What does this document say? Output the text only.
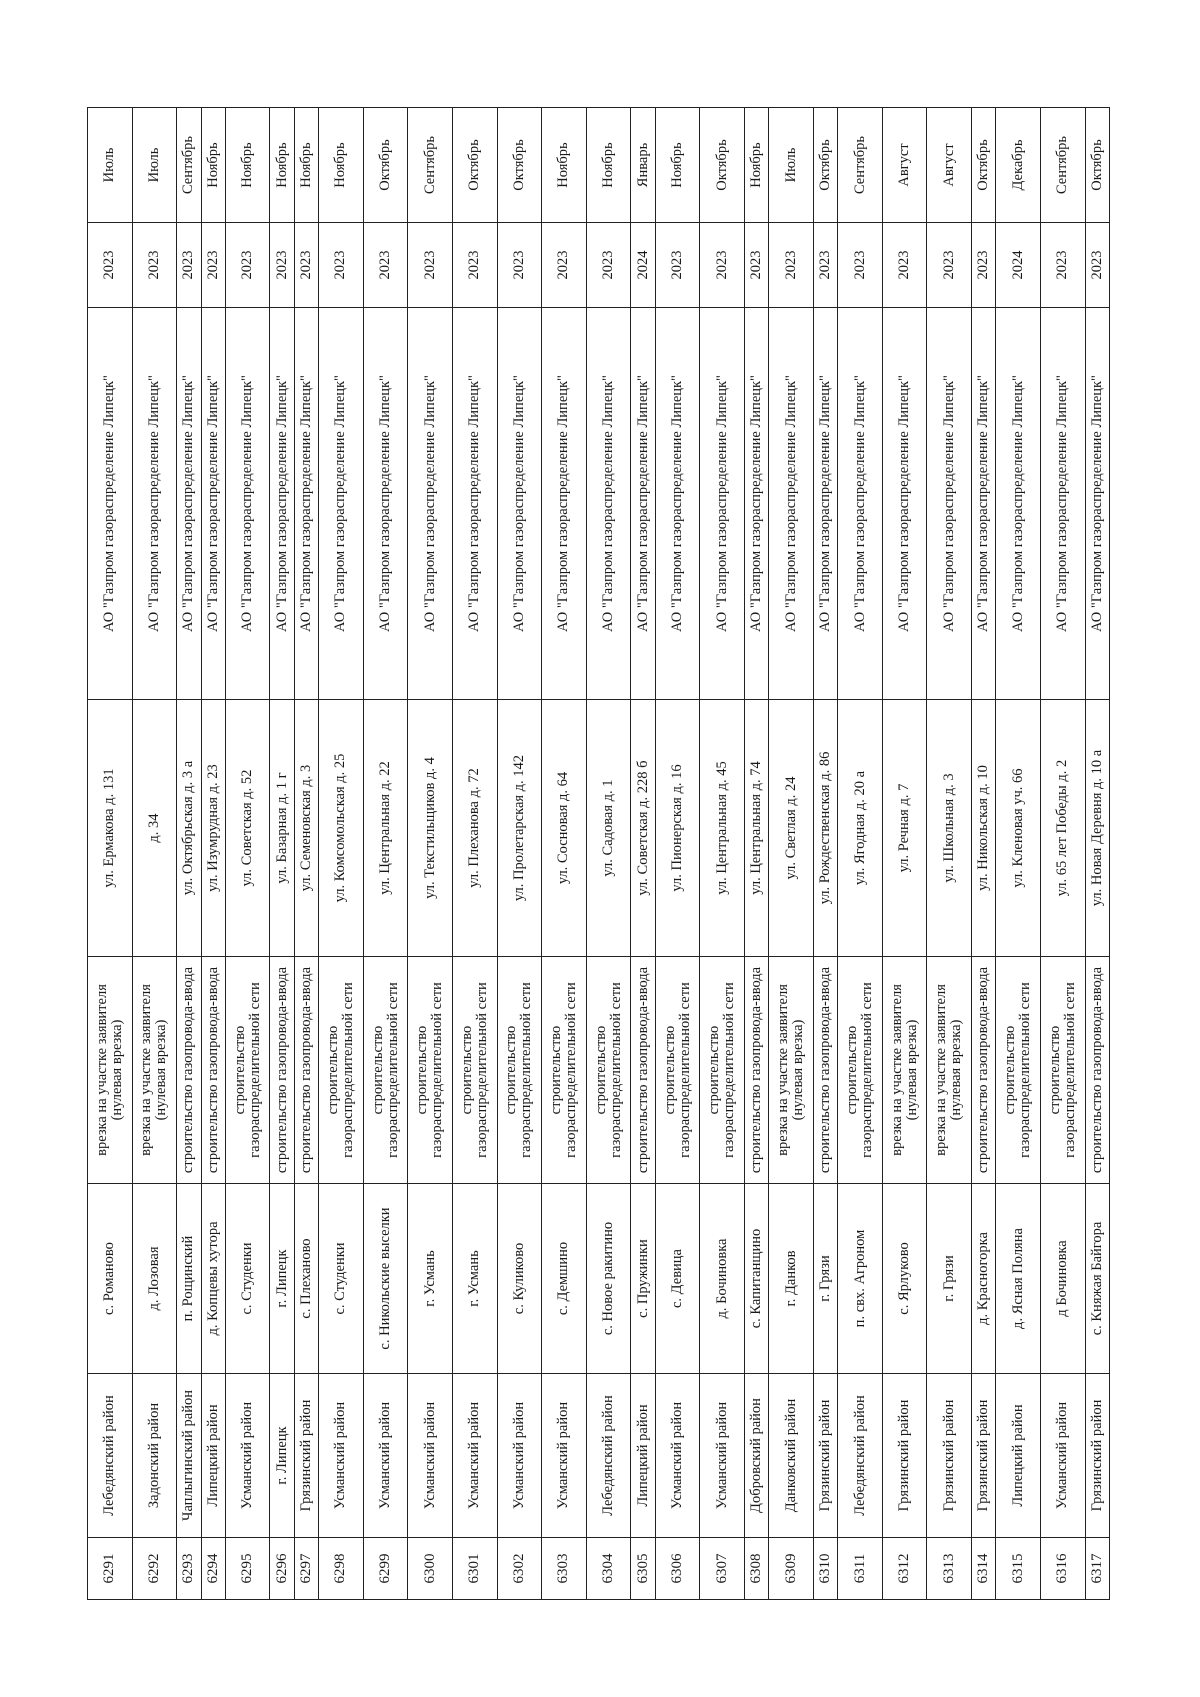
6291	Лебедянский район	с. Романово	врезка на участке заявителя (нулевая врезка)	ул. Ермакова д. 131	АО "Газпром газораспределение Липецк"	2023	Июль
6292	Задонский район	д. Лозовая	врезка на участке заявителя (нулевая врезка)	д. 34	АО "Газпром газораспределение Липецк"	2023	Июль
6293	Чаплыгинский район	п. Рощинский	строительство газопровода-ввода	ул. Октябрьская д. 3 а	АО "Газпром газораспределение Липецк"	2023	Сентябрь
6294	Липецкий район	д. Копцевы хутора	строительство газопровода-ввода	ул. Изумрудная д. 23	АО "Газпром газораспределение Липецк"	2023	Ноябрь
6295	Усманский район	с. Студенки	строительство газораспределительной сети	ул. Советская д. 52	АО "Газпром газораспределение Липецк"	2023	Ноябрь
6296	г. Липецк	г. Липецк	строительство газопровода-ввода	ул. Базарная д. 1 г	АО "Газпром газораспределение Липецк"	2023	Ноябрь
6297	Грязинский район	с. Плеханово	строительство газопровода-ввода	ул. Семеновская д. 3	АО "Газпром газораспределение Липецк"	2023	Ноябрь
6298	Усманский район	с. Студенки	строительство газораспределительной сети	ул. Комсомольская д. 25	АО "Газпром газораспределение Липецк"	2023	Ноябрь
6299	Усманский район	с. Никольские выселки	строительство газораспределительной сети	ул. Центральная д. 22	АО "Газпром газораспределение Липецк"	2023	Октябрь
6300	Усманский район	г. Усмань	строительство газораспределительной сети	ул. Текстильщиков д. 4	АО "Газпром газораспределение Липецк"	2023	Сентябрь
6301	Усманский район	г. Усмань	строительство газораспределительной сети	ул. Плеханова д. 72	АО "Газпром газораспределение Липецк"	2023	Октябрь
6302	Усманский район	с. Куликово	строительство газораспределительной сети	ул. Пролетарская д. 142	АО "Газпром газораспределение Липецк"	2023	Октябрь
6303	Усманский район	с. Демшино	строительство газораспределительной сети	ул. Сосновая д. 64	АО "Газпром газораспределение Липецк"	2023	Ноябрь
6304	Лебедянский район	с. Новое ракитино	строительство газораспределительной сети	ул. Садовая д. 1	АО "Газпром газораспределение Липецк"	2023	Ноябрь
6305	Липецкий район	с. Пружинки	строительство газопровода-ввода	ул. Советская д. 228 б	АО "Газпром газораспределение Липецк"	2024	Январь
6306	Усманский район	с. Девица	строительство газораспределительной сети	ул. Пионерская д. 16	АО "Газпром газораспределение Липецк"	2023	Ноябрь
6307	Усманский район	д. Бочиновка	строительство газораспределительной сети	ул. Центральная д. 45	АО "Газпром газораспределение Липецк"	2023	Октябрь
6308	Добровский район	с. Капитанщино	строительство газопровода-ввода	ул. Центральная д. 74	АО "Газпром газораспределение Липецк"	2023	Ноябрь
6309	Данковский район	г. Данков	врезка на участке заявителя (нулевая врезка)	ул. Светлая д. 24	АО "Газпром газораспределение Липецк"	2023	Июль
6310	Грязинский район	г. Грязи	строительство газопровода-ввода	ул. Рождественская д. 86	АО "Газпром газораспределение Липецк"	2023	Октябрь
6311	Лебедянский район	п. свх. Агроном	строительство газораспределительной сети	ул. Ягодная д. 20 а	АО "Газпром газораспределение Липецк"	2023	Сентябрь
6312	Грязинский район	с. Ярлуково	врезка на участке заявителя (нулевая врезка)	ул. Речная д. 7	АО "Газпром газораспределение Липецк"	2023	Август
6313	Грязинский район	г. Грязи	врезка на участке заявителя (нулевая врезка)	ул. Школьная д. 3	АО "Газпром газораспределение Липецк"	2023	Август
6314	Грязинский район	д. Красногорка	строительство газопровода-ввода	ул. Никольская д. 10	АО "Газпром газораспределение Липецк"	2023	Октябрь
6315	Липецкий район	д. Ясная Поляна	строительство газораспределительной сети	ул. Кленовая уч. 66	АО "Газпром газораспределение Липецк"	2024	Декабрь
6316	Усманский район	д Бочиновка	строительство газораспределительной сети	ул. 65 лет Победы д. 2	АО "Газпром газораспределение Липецк"	2023	Сентябрь
6317	Грязинский район	с. Княжая Байгора	строительство газопровода-ввода	ул. Новая Деревня д. 10 а	АО "Газпром газораспределение Липецк"	2023	Октябрь
